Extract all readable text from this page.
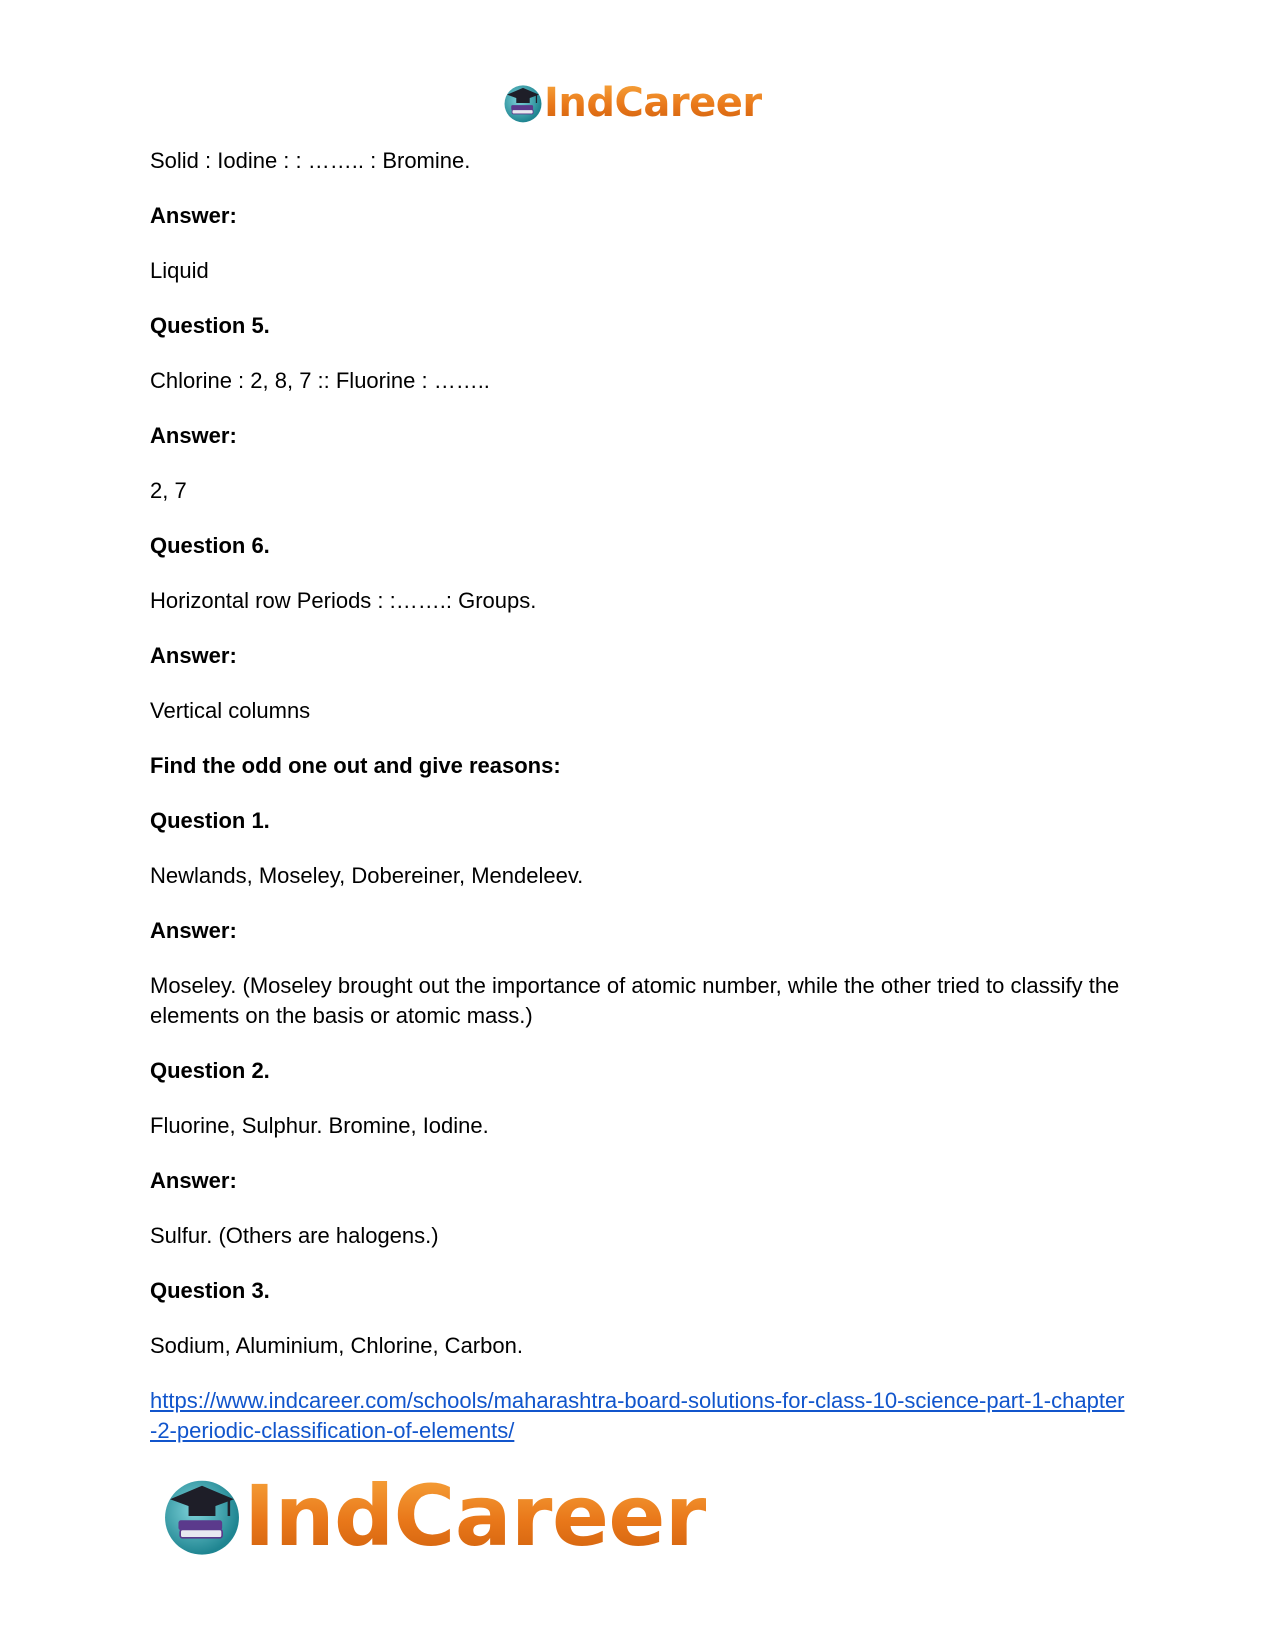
IndCareer

Solid : Iodine : : …….. : Bromine.

Answer:

Liquid

Question 5.

Chlorine : 2, 8, 7 :: Fluorine : ……..

Answer:

2, 7

Question 6.

Horizontal row Periods : :…….: Groups.

Answer:

Vertical columns

Find the odd one out and give reasons:

Question 1.

Newlands, Moseley, Dobereiner, Mendeleev.

Answer:

Moseley. (Moseley brought out the importance of atomic number, while the other tried to classify the elements on the basis or atomic mass.)

Question 2.

Fluorine, Sulphur. Bromine, Iodine.

Answer:

Sulfur. (Others are halogens.)

Question 3.

Sodium, Aluminium, Chlorine, Carbon.

https://www.indcareer.com/schools/maharashtra-board-solutions-for-class-10-science-part-1-chapter-2-periodic-classification-of-elements/
IndCareer
